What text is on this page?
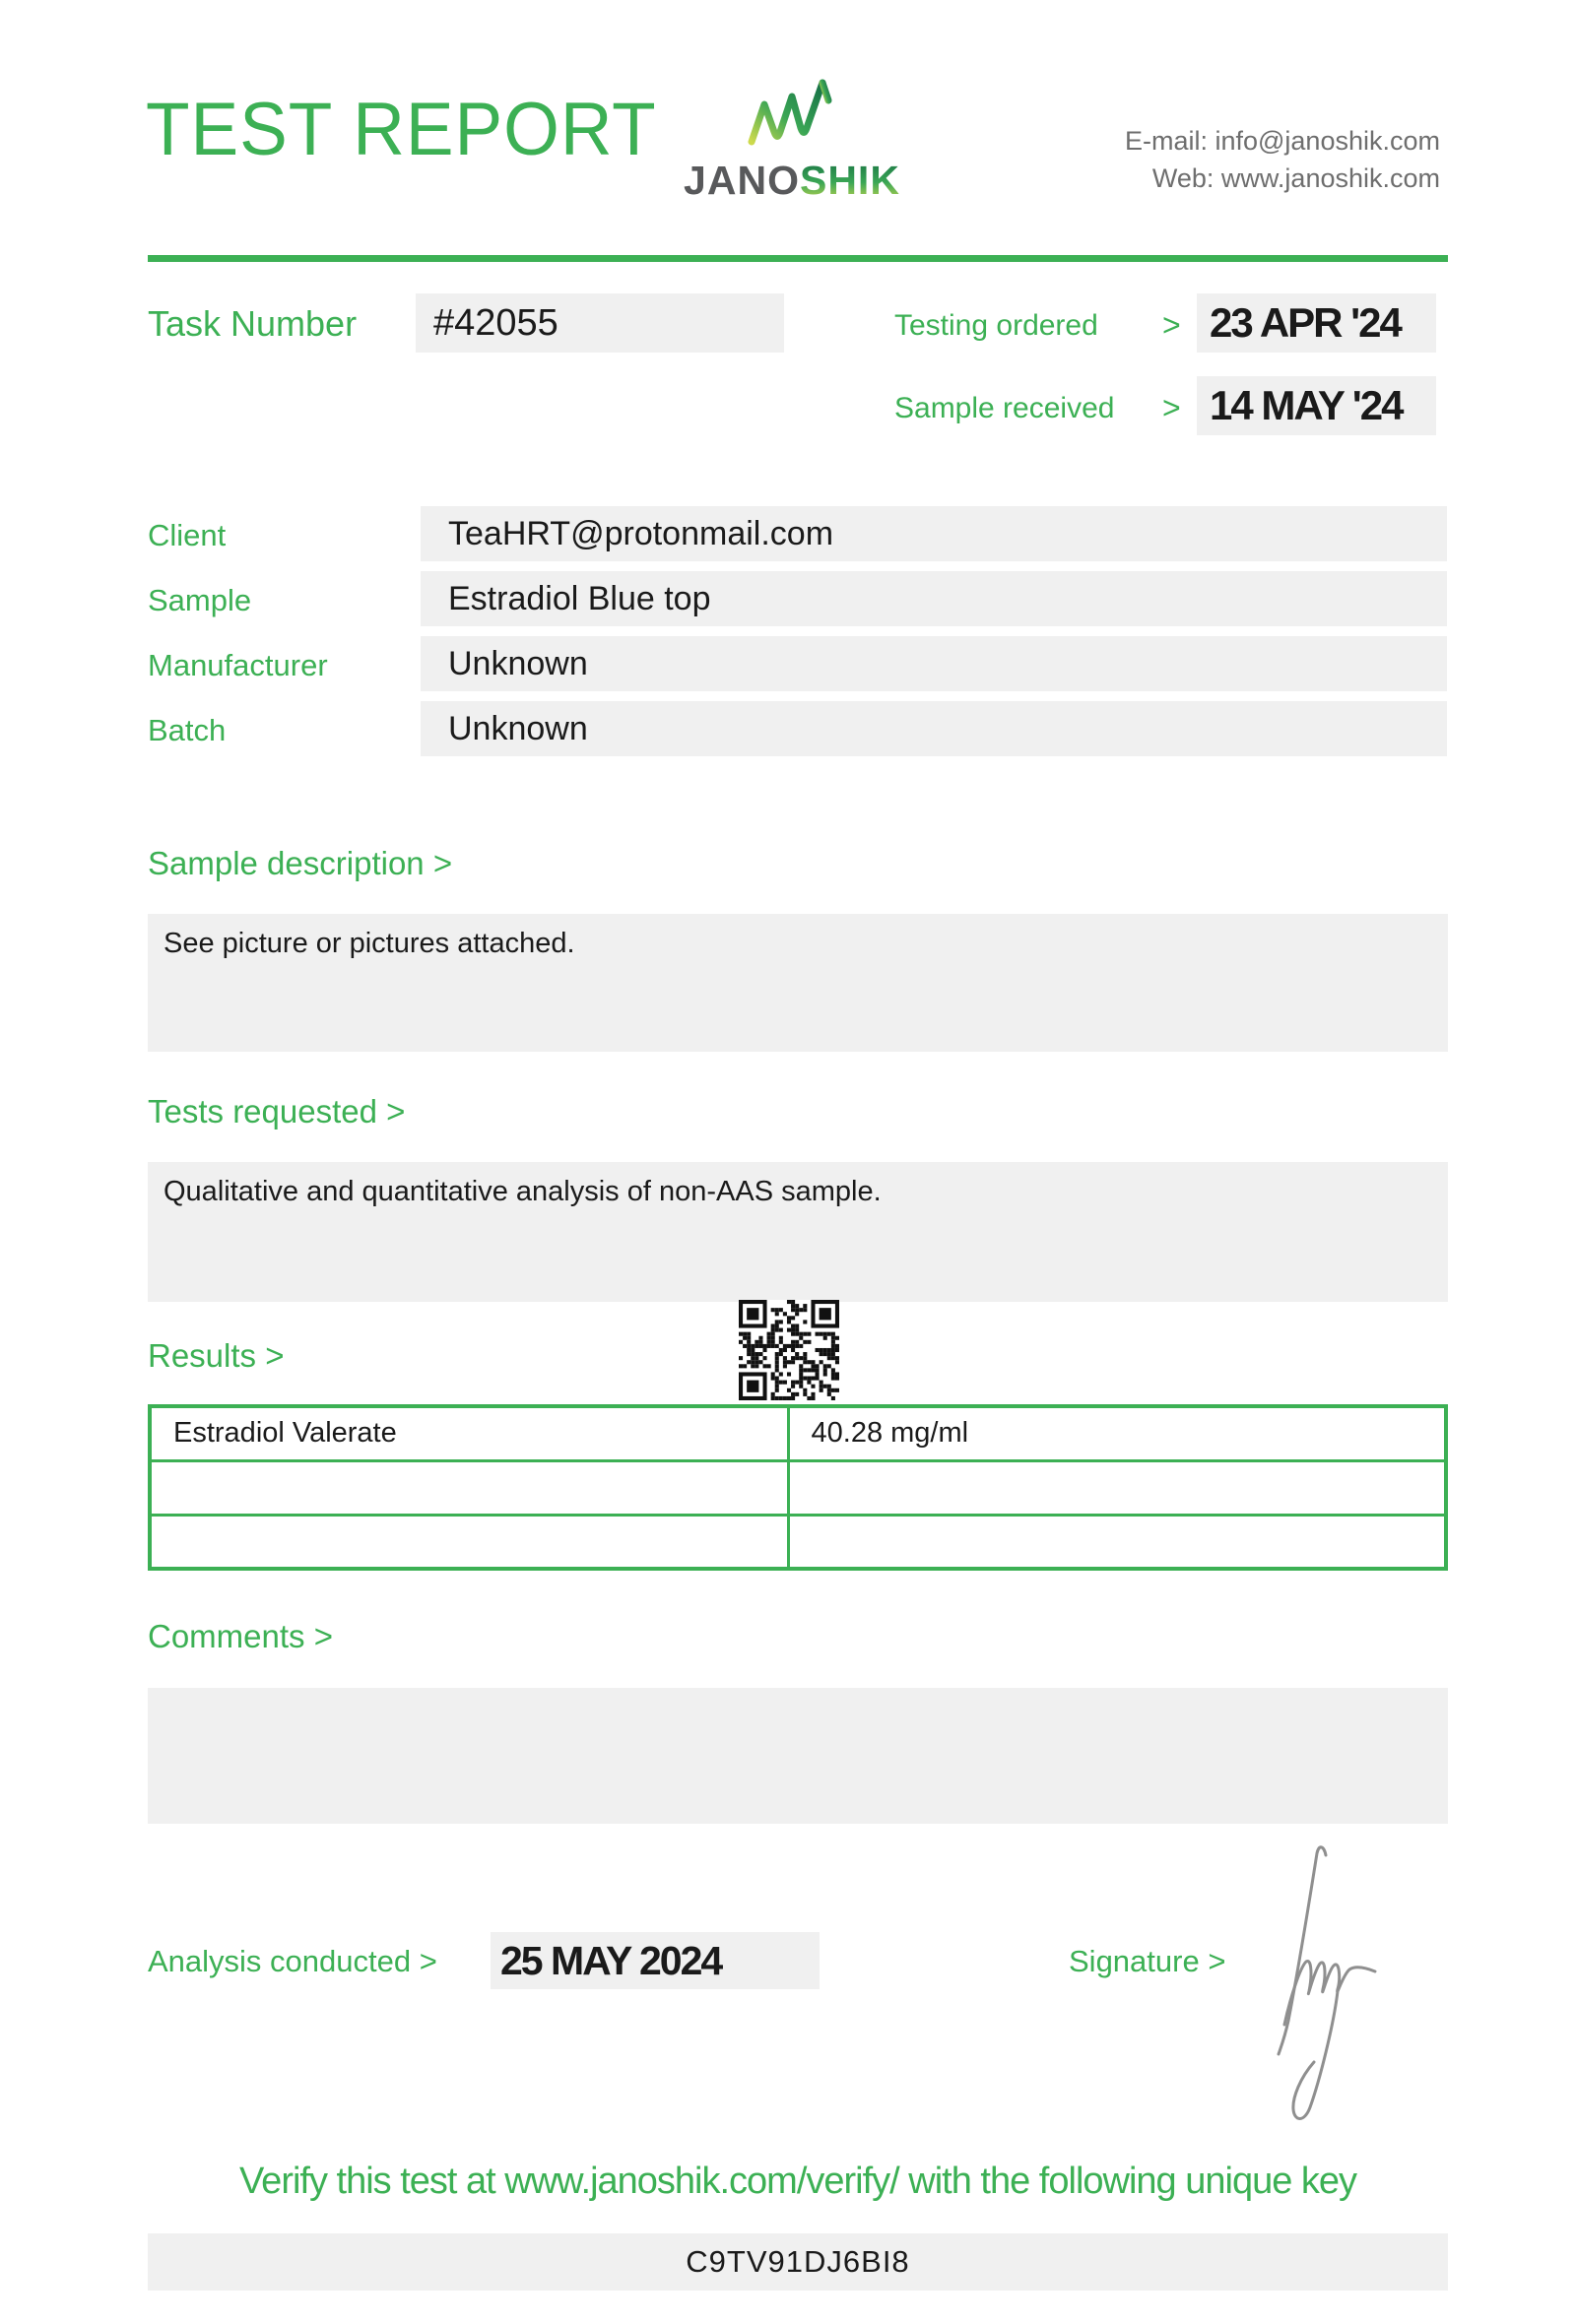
TEST REPORT
JANOSHIK
E-mail: info@janoshik.com
Web: www.janoshik.com
Task Number	#42055	Testing ordered > 23 APR '24
Sample received > 14 MAY '24
Client	TeaHRT@protonmail.com
Sample	Estradiol Blue top
Manufacturer	Unknown
Batch	Unknown
Sample description >
See picture or pictures attached.
Tests requested >
Qualitative and quantitative analysis of non-AAS sample.
Results >
Estradiol Valerate	40.28 mg/ml

Comments >
Analysis conducted > 25 MAY 2024	Signature >
Verify this test at www.janoshik.com/verify/ with the following unique key
C9TV91DJ6BI8
